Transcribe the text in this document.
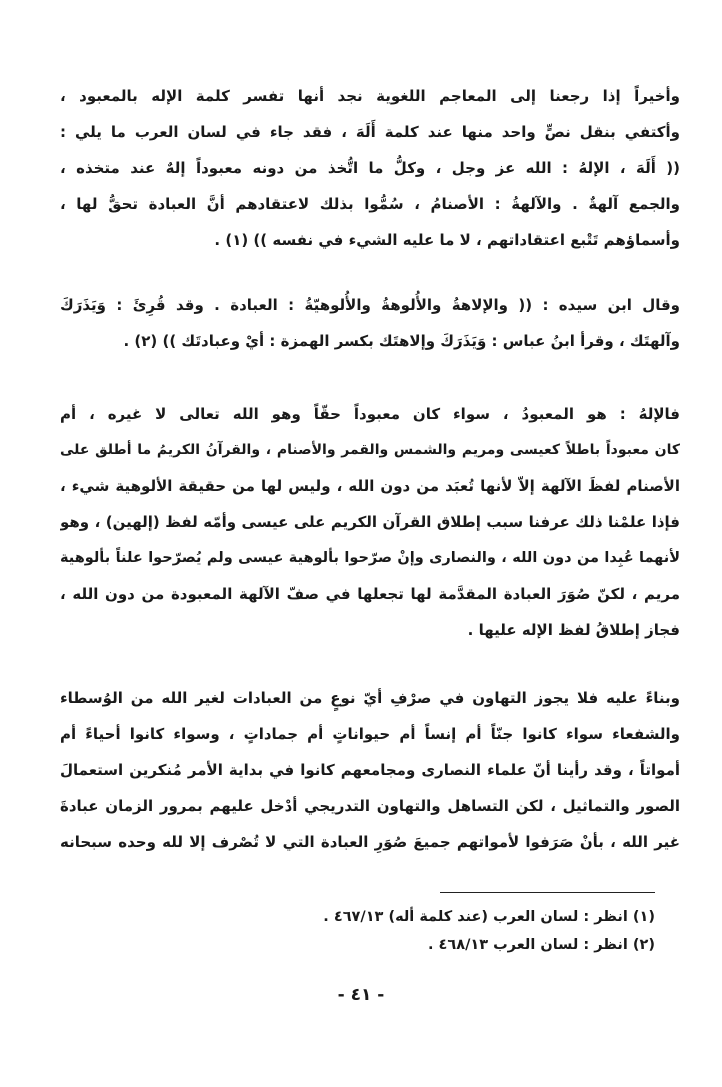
وأخيراً إذا رجعنا إلى المعاجم اللغوية نجد أنها تفسر كلمة الإله بالمعبود ،
وأكتفي بنقل نصٍّ واحد منها عند كلمة أَلَهَ ، فقد جاء في لسان العرب ما يلي :
(( أَلَهَ ، الإلهُ : الله عز وجل ، وكلُّ ما اتُّخذ من دونه معبوداً إلهٌ عند متخذه ،
والجمع آلهةٌ . والآلهةُ : الأصنامُ ، سُمُّوا بذلك لاعتقادهم أنَّ العبادة تحقُّ لها ،
وأسماؤهم تَتْبع اعتقاداتهم ، لا ما عليه الشيء في نفسه )) (١) .
وقال ابن سيده : (( والإلاهةُ والأُلوهةُ والأُلوهيّةُ : العبادة . وقد قُرِئَ : وَيَذَرَكَ
وآلهتَك ، وقرأ ابنُ عباس : وَيَذَرَكَ وإلاهتَك بكسر الهمزة : أيْ وعبادتَك )) (٢) .
فالإلهُ : هو المعبودُ ، سواء كان معبوداً حقّاً وهو الله تعالى لا غيره ، أم
كان معبوداً باطلاً كعيسى ومريم والشمس والقمر والأصنام ، والقرآنُ الكريمُ ما أطلق على
الأصنام لفظَ الآلهة إلاّ لأنها تُعبَد من دون الله ، وليس لها من حقيقة الألوهية شيء ،
فإذا علمْنا ذلك عرفنا سبب إطلاق القرآن الكريم على عيسى وأمّه لفظ (إلهين) ، وهو
لأنهما عُبِدا من دون الله ، والنصارى وإنْ صرّحوا بألوهية عيسى ولم يُصرّحوا علناً بألوهية
مريم ، لكنّ صُوَرَ العبادة المقدَّمة لها تجعلها في صفّ الآلهة المعبودة من دون الله ،
فجاز إطلاقُ لفظ الإله عليها .
وبناءً عليه فلا يجوز التهاون في صرْفِ أيّ نوعٍ من العبادات لغير الله من الوُسطاء
والشفعاء سواء كانوا جنّاً أم إنساً أم حيواناتٍ أم جماداتٍ ، وسواء كانوا أحياءً أم
أمواتاً ، وقد رأينا أنّ علماء النصارى ومجامعهم كانوا في بداية الأمر مُنكرين استعمالَ
الصور والتماثيل ، لكن التساهل والتهاون التدريجي أدْخل عليهم بمرور الزمان عبادةَ
غير الله ، بأنْ صَرَفوا لأمواتهم جميعَ صُوَرِ العبادة التي لا تُصْرف إلا لله وحده سبحانه
(١) انظر : لسان العرب (عند كلمة أله) ٤٦٧/١٣ .
(٢) انظر : لسان العرب ٤٦٨/١٣ .
- ٤١ -
